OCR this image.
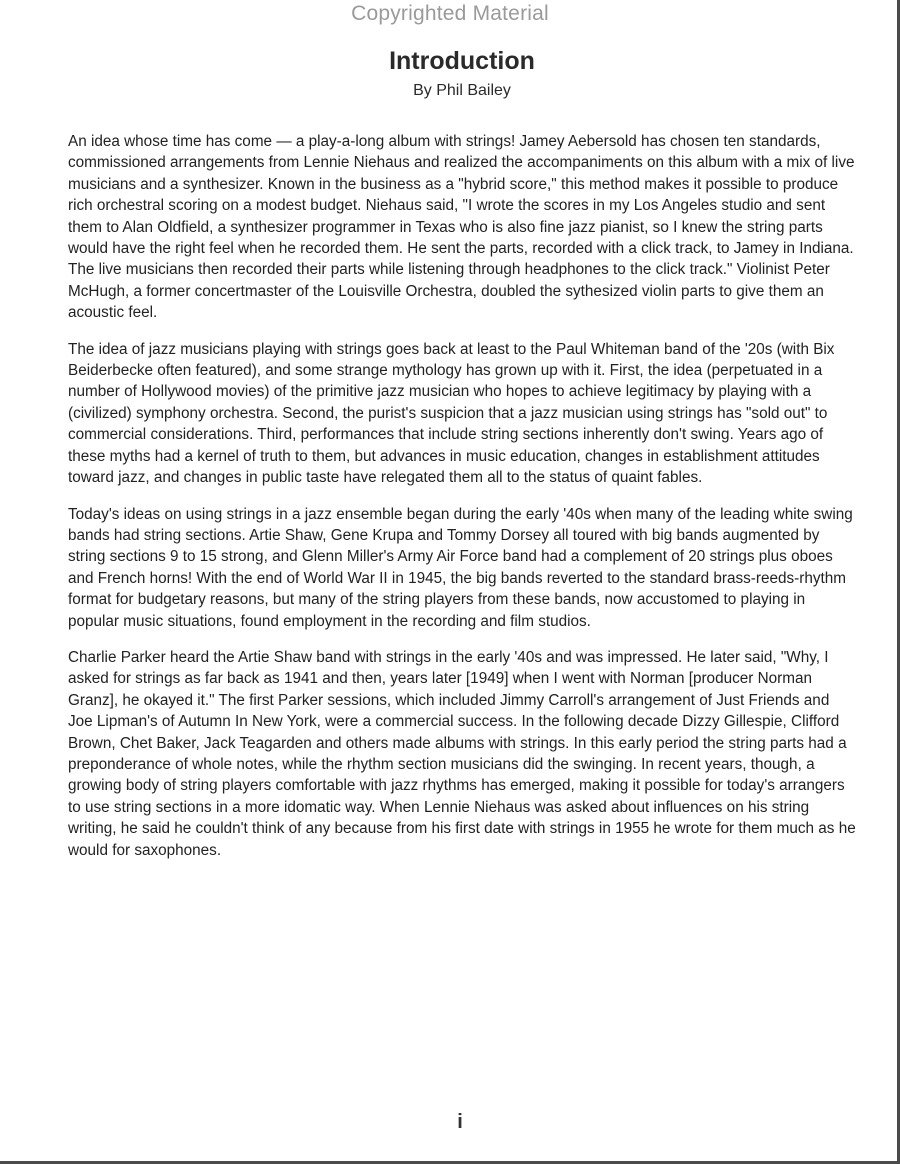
Copyrighted Material
Introduction
By Phil Bailey

An idea whose time has come — a play-a-long album with strings! Jamey Aebersold has chosen ten standards, commissioned arrangements from Lennie Niehaus and realized the accompaniments on this album with a mix of live musicians and a synthesizer. Known in the business as a "hybrid score," this method makes it possible to produce rich orchestral scoring on a modest budget. Niehaus said, "I wrote the scores in my Los Angeles studio and sent them to Alan Oldfield, a synthesizer programmer in Texas who is also fine jazz pianist, so I knew the string parts would have the right feel when he recorded them. He sent the parts, recorded with a click track, to Jamey in Indiana. The live musicians then recorded their parts while listening through headphones to the click track." Violinist Peter McHugh, a former concertmaster of the Louisville Orchestra, doubled the sythesized violin parts to give them an acoustic feel.

The idea of jazz musicians playing with strings goes back at least to the Paul Whiteman band of the '20s (with Bix Beiderbecke often featured), and some strange mythology has grown up with it. First, the idea (perpetuated in a number of Hollywood movies) of the primitive jazz musician who hopes to achieve legitimacy by playing with a (civilized) symphony orchestra. Second, the purist's suspicion that a jazz musician using strings has "sold out" to commercial considerations. Third, performances that include string sections inherently don't swing. Years ago of these myths had a kernel of truth to them, but advances in music education, changes in establishment attitudes toward jazz, and changes in public taste have relegated them all to the status of quaint fables.

Today's ideas on using strings in a jazz ensemble began during the early '40s when many of the leading white swing bands had string sections. Artie Shaw, Gene Krupa and Tommy Dorsey all toured with big bands augmented by string sections 9 to 15 strong, and Glenn Miller's Army Air Force band had a complement of 20 strings plus oboes and French horns! With the end of World War II in 1945, the big bands reverted to the standard brass-reeds-rhythm format for budgetary reasons, but many of the string players from these bands, now accustomed to playing in popular music situations, found employment in the recording and film studios.

Charlie Parker heard the Artie Shaw band with strings in the early '40s and was impressed. He later said, "Why, I asked for strings as far back as 1941 and then, years later [1949] when I went with Norman [producer Norman Granz], he okayed it." The first Parker sessions, which included Jimmy Carroll's arrangement of Just Friends and Joe Lipman's of Autumn In New York, were a commercial success. In the following decade Dizzy Gillespie, Clifford Brown, Chet Baker, Jack Teagarden and others made albums with strings. In this early period the string parts had a preponderance of whole notes, while the rhythm section musicians did the swinging. In recent years, though, a growing body of string players comfortable with jazz rhythms has emerged, making it possible for today's arrangers to use string sections in a more idomatic way. When Lennie Niehaus was asked about influences on his string writing, he said he couldn't think of any because from his first date with strings in 1955 he wrote for them much as he would for saxophones.

i
